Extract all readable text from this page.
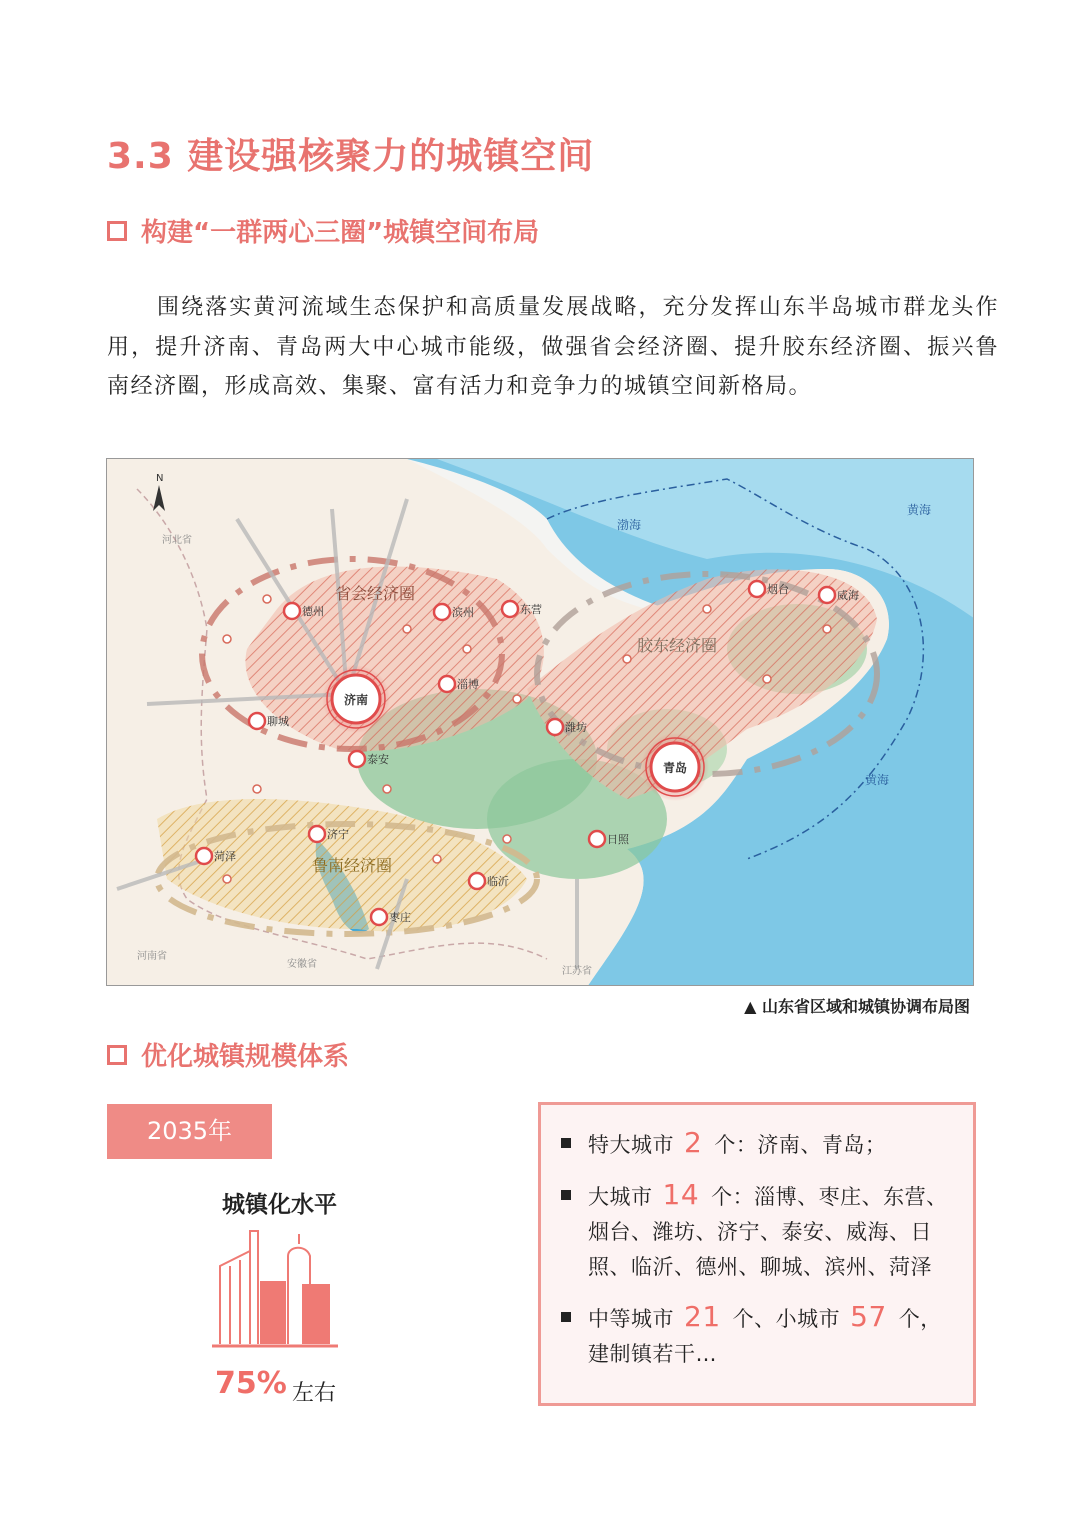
3.3 建设强核聚力的城镇空间
构建“一群两心三圈”城镇空间布局

围绕落实黄河流域生态保护和高质量发展战略，充分发挥山东半岛城市群龙头作用，提升济南、青岛两大中心城市能级，做强省会经济圈、提升胶东经济圈、振兴鲁南经济圈，形成高效、集聚、富有活力和竞争力的城镇空间新格局。

N
渤海
黄海
黄海
河北省
河南省
安徽省
江苏省
省会经济圈
胶东经济圈
鲁南经济圈
济南
青岛
德州	滨州	东营
淄博
潍坊
烟台	威海
聊城
泰安
日照
济宁
菏泽
临沂
枣庄

▲ 山东省区域和城镇协调布局图

优化城镇规模体系
2035年
城镇化水平
75% 左右
特大城市 2 个：济南、青岛；
大城市 14 个：淄博、枣庄、东营、烟台、潍坊、济宁、泰安、威海、日照、临沂、德州、聊城、滨州、菏泽
中等城市 21 个、小城市 57 个，建制镇若干…
